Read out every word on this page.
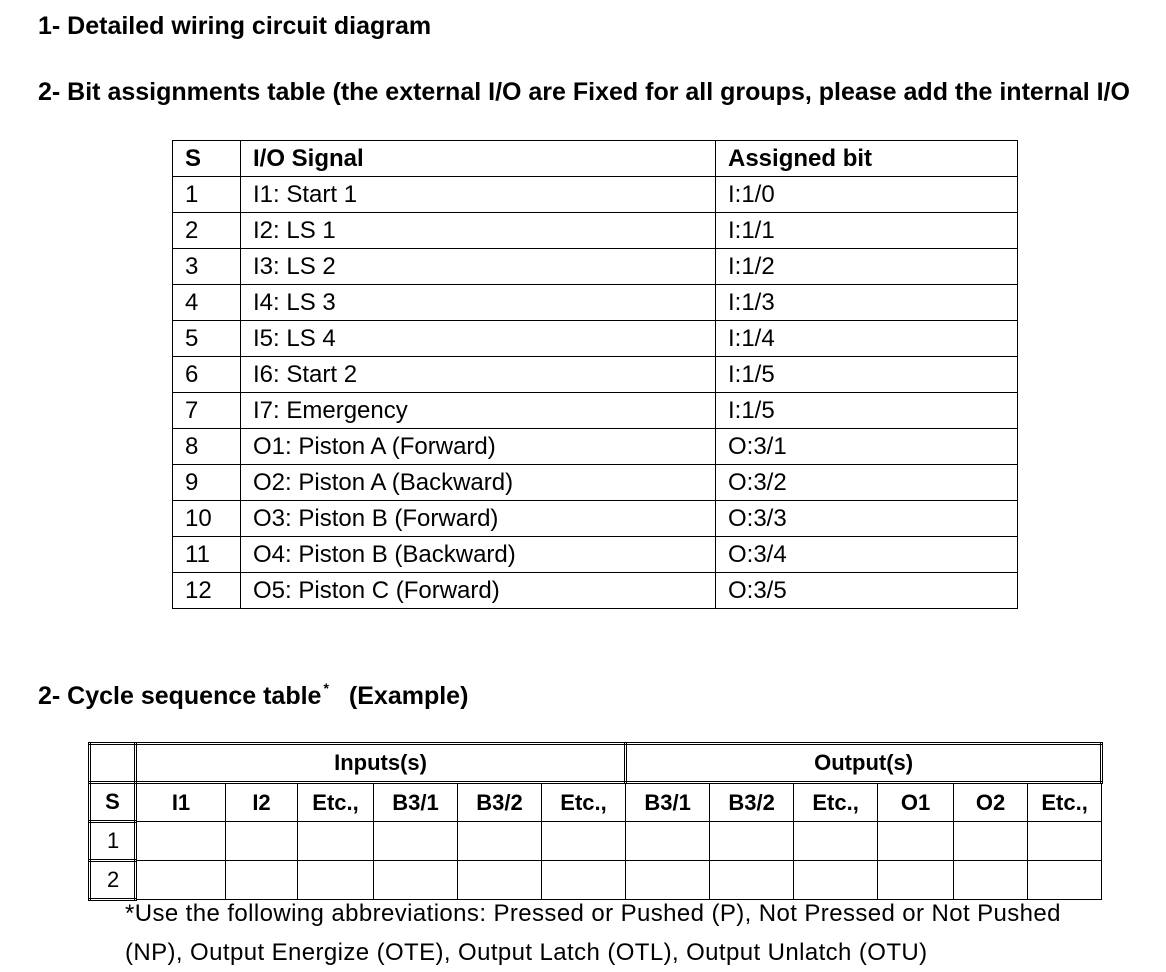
1- Detailed wiring circuit diagram
2- Bit assignments table (the external I/O are Fixed for all groups, please add the internal I/O
S	I/O Signal	Assigned bit
1	I1: Start 1	I:1/0
2	I2: LS 1	I:1/1
3	I3: LS 2	I:1/2
4	I4: LS 3	I:1/3
5	I5: LS 4	I:1/4
6	I6: Start 2	I:1/5
7	I7: Emergency	I:1/5
8	O1: Piston A (Forward)	O:3/1
9	O2: Piston A (Backward)	O:3/2
10	O3: Piston B (Forward)	O:3/3
11	O4: Piston B (Backward)	O:3/4
12	O5: Piston C (Forward)	O:3/5
2- Cycle sequence table * (Example)
	Inputs(s)						Output(s)					
S	I1	I2	Etc.,	B3/1	B3/2	Etc.,	B3/1	B3/2	Etc.,	O1	O2	Etc.,
1												
2												

*Use the following abbreviations: Pressed or Pushed (P), Not Pressed or Not Pushed
(NP), Output Energize (OTE), Output Latch (OTL), Output Unlatch (OTU)
